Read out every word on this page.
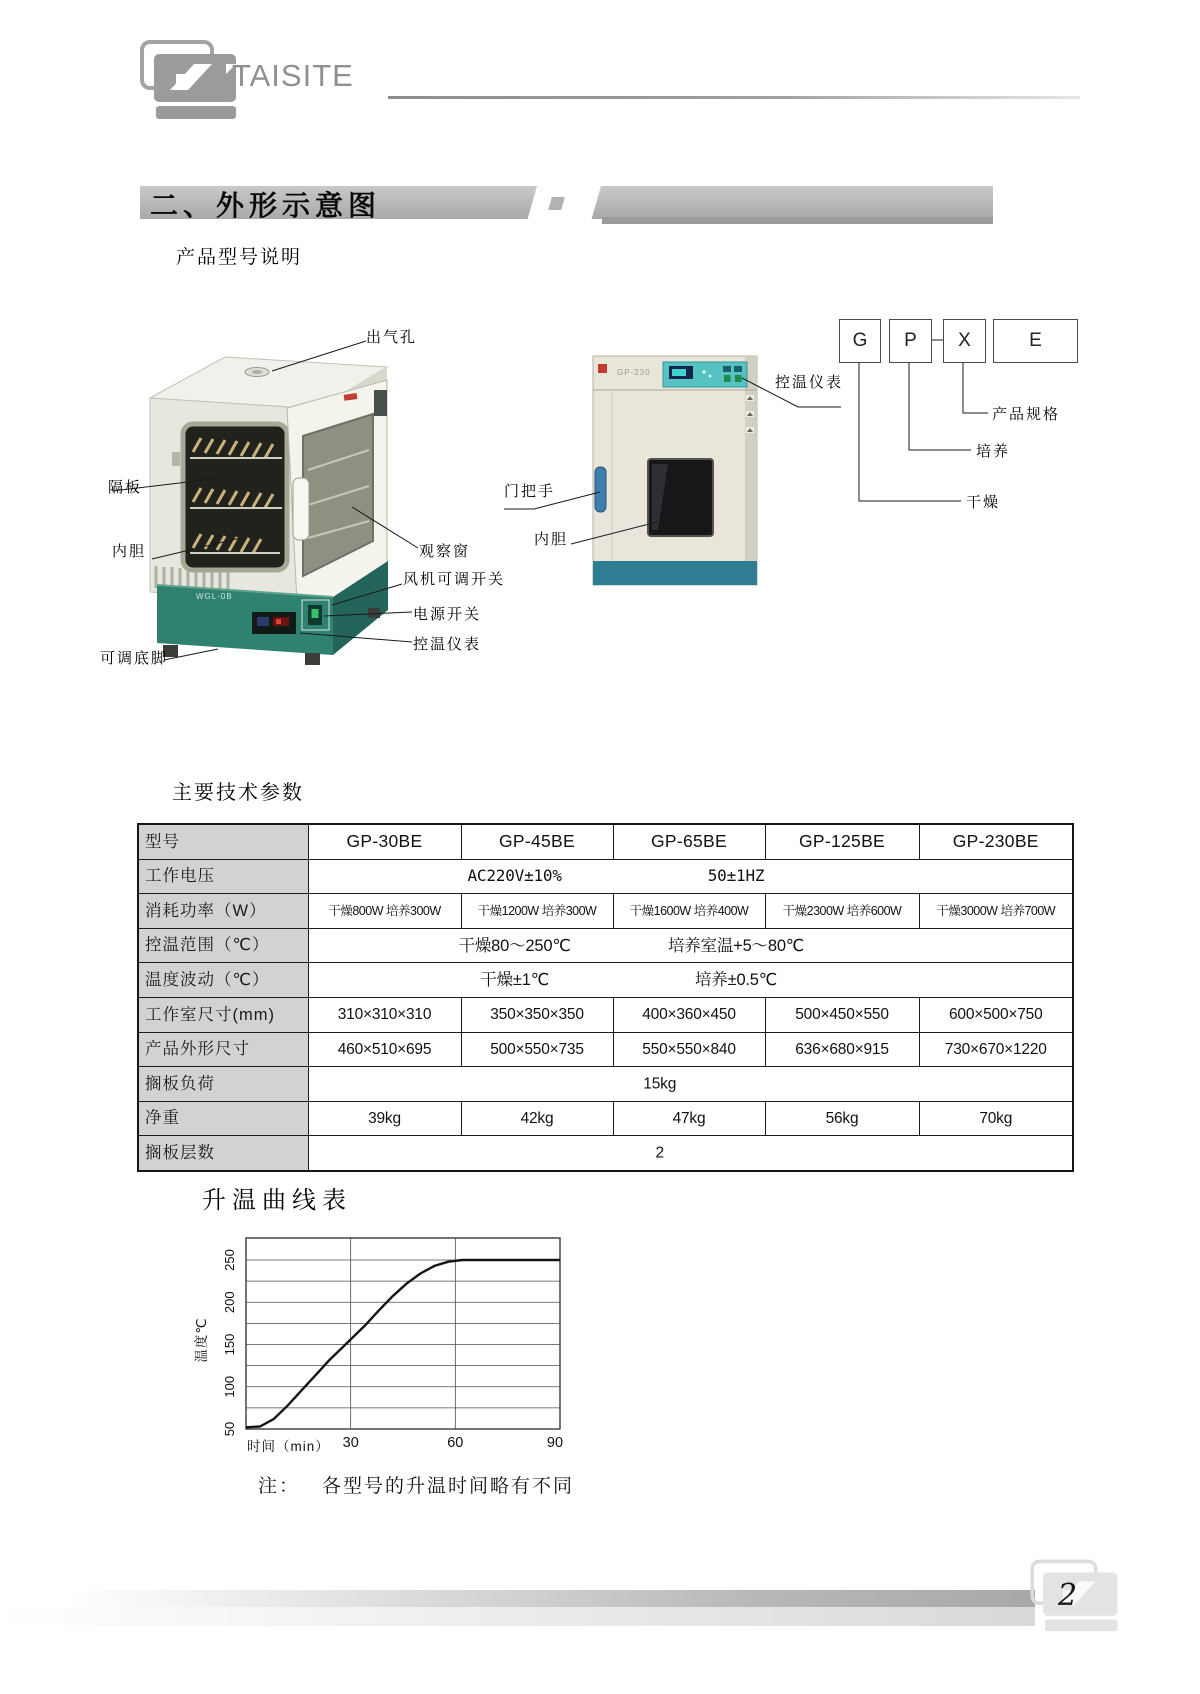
TAISITE
二、外形示意图
产品型号说明
出气孔
隔板
内胆
可调底脚
观察窗
风机可调开关
电源开关
控温仪表
门把手
内胆
控温仪表
WGL-0B
GP-230
G	P	X	E
产品规格
培养
干燥
主要技术参数
型号	GP-30BE	GP-45BE	GP-65BE	GP-125BE	GP-230BE
工作电压	AC220V±10% 50±1HZ				

消耗功率（W）	干燥800W 培养300W	干燥1200W 培养300W	干燥1600W 培养400W	干燥2300W 培养600W	干燥3000W 培养700W
控温范围（℃）	干燥80～250℃ 培养室温+5～80℃				

温度波动（℃）	干燥±1℃ 培养±0.5℃				

工作室尺寸(mm)	310×310×310	350×350×350	400×360×450	500×450×550	600×500×750
产品外形尺寸	460×510×695	500×550×735	550×550×840	636×680×915	730×670×1220
搁板负荷	15kg				

净重	39kg	42kg	47kg	56kg	70kg
搁板层数	2				
升温曲线表
50
100
150
200
250
30	60	90
时间（min）
温度℃
注： 各型号的升温时间略有不同
2
